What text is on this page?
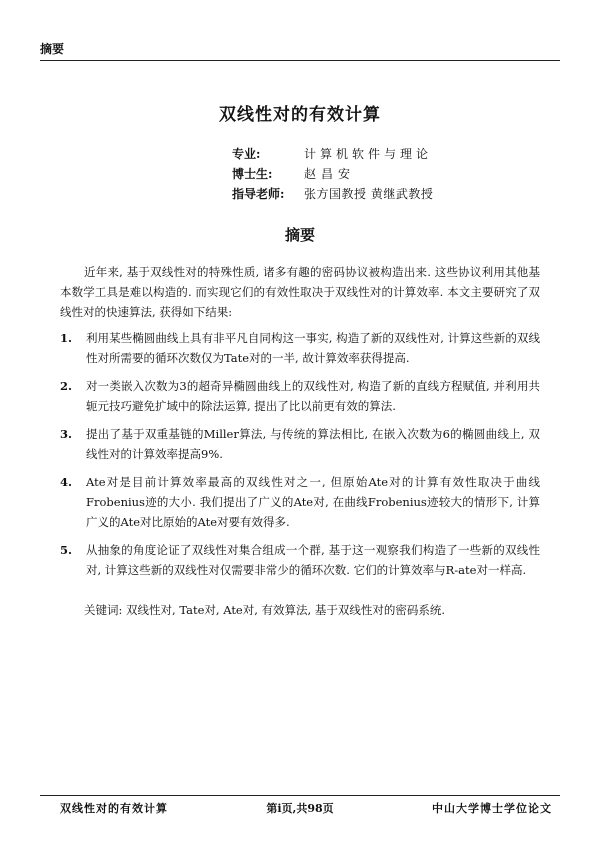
摘要
双线性对的有效计算
专业:	计算机软件与理论
博士生:	赵昌安
指导老师:	张方国教授 黄继武教授
摘要

近年来, 基于双线性对的特殊性质, 诸多有趣的密码协议被构造出来. 这些协议利用其他基本数学工具是难以构造的. 而实现它们的有效性取决于双线性对的计算效率. 本文主要研究了双线性对的快速算法, 获得如下结果:

1. 利用某些椭圆曲线上具有非平凡自同构这一事实, 构造了新的双线性对, 计算这些新的双线性对所需要的循环次数仅为Tate对的一半, 故计算效率获得提高.
2. 对一类嵌入次数为3的超奇异椭圆曲线上的双线性对, 构造了新的直线方程赋值, 并利用共轭元技巧避免扩域中的除法运算, 提出了比以前更有效的算法.
3. 提出了基于双重基链的Miller算法, 与传统的算法相比, 在嵌入次数为6的椭圆曲线上, 双线性对的计算效率提高9%.
4. Ate对是目前计算效率最高的双线性对之一, 但原始Ate对的计算有效性取决于曲线Frobenius迹的大小. 我们提出了广义的Ate对, 在曲线Frobenius迹较大的情形下, 计算广义的Ate对比原始的Ate对要有效得多.
5. 从抽象的角度论证了双线性对集合组成一个群, 基于这一观察我们构造了一些新的双线性对, 计算这些新的双线性对仅需要非常少的循环次数. 它们的计算效率与R-ate对一样高.

关键词: 双线性对, Tate对, Ate对, 有效算法, 基于双线性对的密码系统.

双线性对的有效计算	第i页,共98页	中山大学博士学位论文
